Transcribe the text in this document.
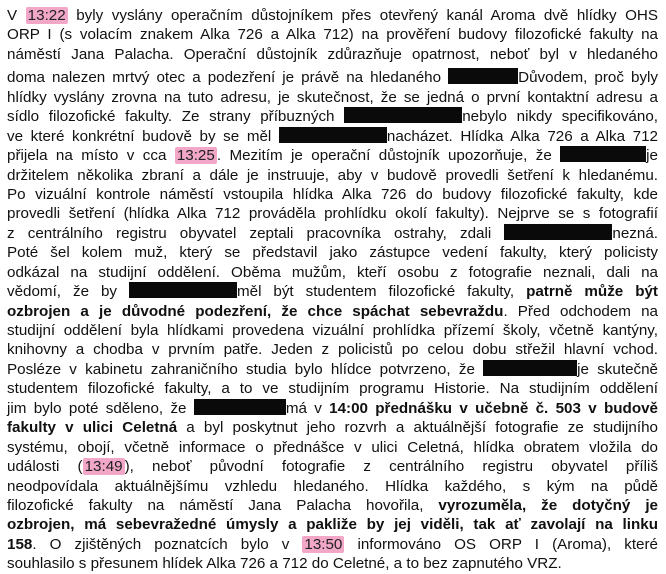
V 13:22 byly vyslány operačním důstojníkem přes otevřený kanál Aroma dvě hlídky OHS
ORP I (s volacím znakem Alka 726 a Alka 712) na prověření budovy filozofické fakulty na
náměstí Jana Palacha. Operační důstojník zdůrazňuje opatrnost, neboť byl v hledaného
doma nalezen mrtvý otec a podezření je právě na hledaného	Důvodem, proč byly
hlídky vyslány zrovna na tuto adresu, je skutečnost, že se jedná o první kontaktní adresu a
sídlo filozofické fakulty. Ze strany příbuzných	nebylo nikdy specifikováno,
ve které konkrétní budově by se měl	nacházet. Hlídka Alka 726 a Alka 712
přijela na místo v cca 13:25 . Mezitím je operační důstojník upozorňuje, že	je
držitelem několika zbraní a dále je instruuje, aby v budově provedli šetření k hledanému.
Po vizuální kontrole náměstí vstoupila hlídka Alka 726 do budovy filozofické fakulty, kde
provedli šetření (hlídka Alka 712 prováděla prohlídku okolí fakulty). Nejprve se s fotografií
z centrálního registru obyvatel zeptali pracovníka ostrahy, zdali	nezná.
Poté šel kolem muž, který se představil jako zástupce vedení fakulty, který policisty
odkázal na studijní oddělení. Oběma mužům, kteří osobu z fotografie neznali, dali na
vědomí, že by	měl být studentem filozofické fakulty, patrně může být
ozbrojen a je důvodné podezření, že chce spáchat sebevraždu. Před odchodem na
studijní oddělení byla hlídkami provedena vizuální prohlídka přízemí školy, včetně kantýny,
knihovny a chodba v prvním patře. Jeden z policistů po celou dobu střežil hlavní vchod.
Posléze v kabinetu zahraničního studia bylo hlídce potvrzeno, že	je skutečně
studentem filozofické fakulty, a to ve studijním programu Historie. Na studijním oddělení
jim bylo poté sděleno, že	má v 14:00 přednášku v učebně č. 503 v budově
fakulty v ulici Celetná a byl poskytnut jeho rozvrh a aktuálnější fotografie ze studijního
systému, obojí, včetně informace o přednášce v ulici Celetná, hlídka obratem vložila do
události ( 13:49 ), neboť původní fotografie z centrálního registru obyvatel příliš
neodpovídala aktuálnějšímu vzhledu hledaného. Hlídka každého, s kým na půdě
filozofické fakulty na náměstí Jana Palacha hovořila, vyrozuměla, že dotyčný je
ozbrojen, má sebevražedné úmysly a pakliže by jej viděli, tak ať zavolají na linku
158. O zjištěných poznatcích bylo v 13:50 informováno OS ORP I (Aroma), které
souhlasilo s přesunem hlídek Alka 726 a 712 do Celetné, a to bez zapnutého VRZ.
